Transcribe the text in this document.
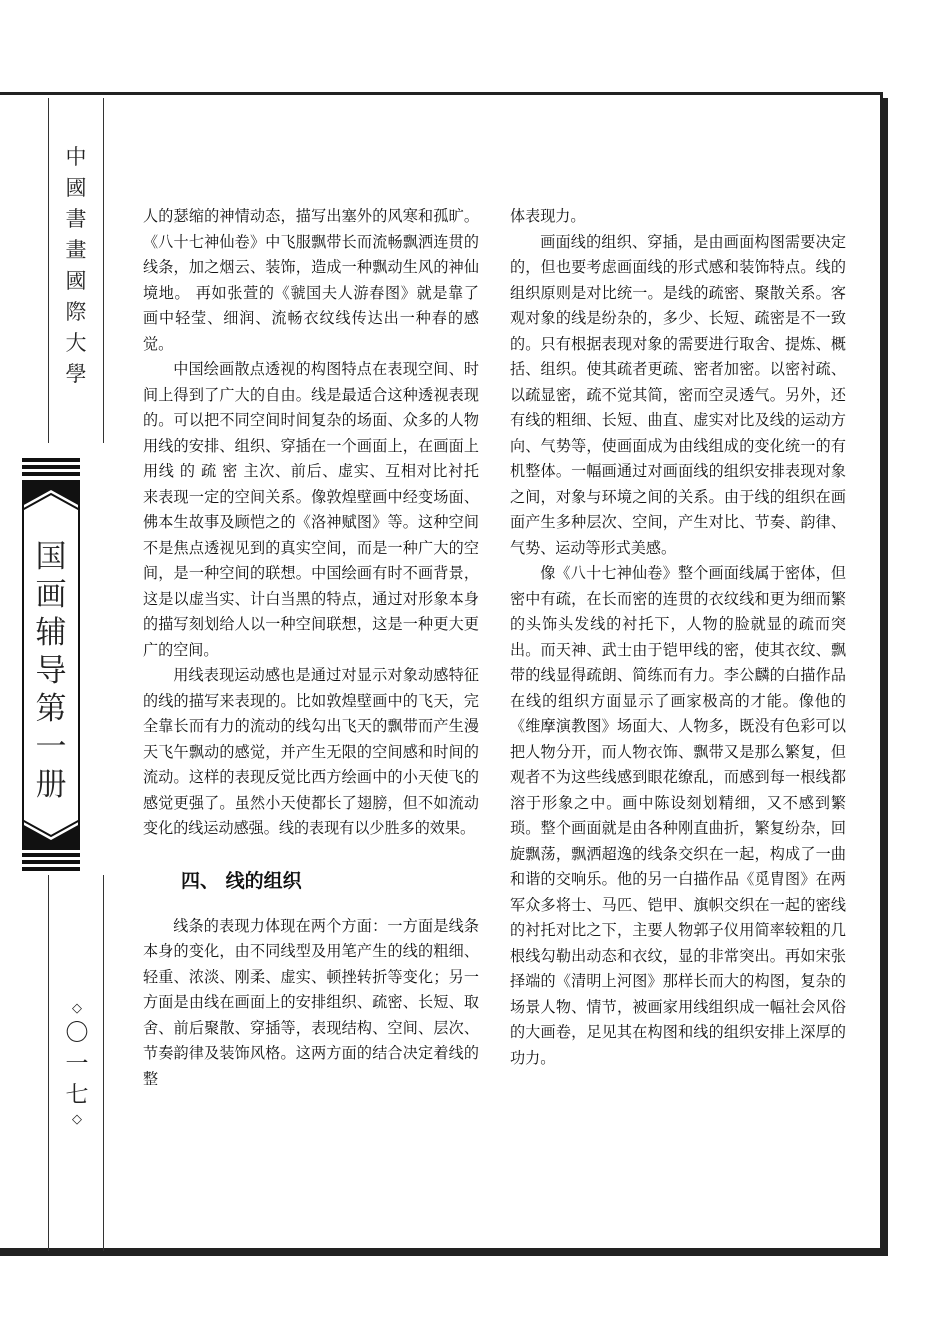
中
國
書
畫
國
際
大
學
国
画
辅
导
第
一
册
◇
〇
一
七
◇

人的瑟缩的神情动态，描写出塞外的风寒和孤旷。《八十七神仙卷》中飞服飘带长而流畅飘洒连贯的线条，加之烟云、装饰，造成一种飘动生风的神仙境地。 再如张萱的《虢国夫人游春图》就是靠了画中轻莹、细润、流畅衣纹线传达出一种春的感觉。

中国绘画散点透视的构图特点在表现空间、时间上得到了广大的自由。线是最适合这种透视表现的。可以把不同空间时间复杂的场面、众多的人物用线的安排、组织、穿插在一个画面上，在画面上用线 的 疏 密 主次、前后、虚实、互相对比衬托来表现一定的空间关系。像敦煌壁画中经变场面、佛本生故事及顾恺之的《洛神赋图》等。这种空间不是焦点透视见到的真实空间，而是一种广大的空间，是一种空间的联想。中国绘画有时不画背景，这是以虚当实、计白当黑的特点，通过对形象本身的描写刻划给人以一种空间联想，这是一种更大更广的空间。

用线表现运动感也是通过对显示对象动感特征的线的描写来表现的。比如敦煌壁画中的飞天，完全靠长而有力的流动的线勾出飞天的飘带而产生漫天飞午飘动的感觉，并产生无限的空间感和时间的流动。这样的表现反觉比西方绘画中的小天使飞的感觉更强了。虽然小天使都长了翅膀，但不如流动变化的线运动感强。线的表现有以少胜多的效果。

四、 线的组织

线条的表现力体现在两个方面：一方面是线条本身的变化，由不同线型及用笔产生的线的粗细、轻重、浓淡、刚柔、虚实、顿挫转折等变化；另一方面是由线在画面上的安排组织、疏密、长短、取舍、前后聚散、穿插等，表现结构、空间、层次、节奏韵律及装饰风格。这两方面的结合决定着线的整

体表现力。

画面线的组织、穿插，是由画面构图需要决定的，但也要考虑画面线的形式感和装饰特点。线的组织原则是对比统一。是线的疏密、聚散关系。客观对象的线是纷杂的，多少、长短、疏密是不一致的。只有根据表现对象的需要进行取舍、提炼、概括、组织。使其疏者更疏、密者加密。以密衬疏、以疏显密，疏不觉其简，密而空灵透气。另外，还有线的粗细、长短、曲直、虚实对比及线的运动方向、气势等，使画面成为由线组成的变化统一的有机整体。一幅画通过对画面线的组织安排表现对象之间，对象与环境之间的关系。由于线的组织在画面产生多种层次、空间，产生对比、节奏、韵律、气势、运动等形式美感。

像《八十七神仙卷》整个画面线属于密体，但密中有疏，在长而密的连贯的衣纹线和更为细而繁的头饰头发线的衬托下，人物的脸就显的疏而突出。而天神、武士由于铠甲线的密，使其衣纹、飘带的线显得疏朗、简练而有力。李公麟的白描作品在线的组织方面显示了画家极高的才能。像他的《维摩演教图》场面大、人物多，既没有色彩可以把人物分开，而人物衣饰、飘带又是那么繁复，但观者不为这些线感到眼花缭乱，而感到每一根线都溶于形象之中。画中陈设刻划精细，又不感到繁琐。整个画面就是由各种刚直曲折，繁复纷杂，回旋飘荡，飘洒超逸的线条交织在一起，构成了一曲和谐的交响乐。他的另一白描作品《觅胄图》在两军众多将士、马匹、铠甲、旗帜交织在一起的密线的衬托对比之下，主要人物郭子仪用简率较粗的几根线勾勒出动态和衣纹，显的非常突出。再如宋张择端的《清明上河图》那样长而大的构图，复杂的场景人物、情节，被画家用线组织成一幅社会风俗的大画卷，足见其在构图和线的组织安排上深厚的功力。
